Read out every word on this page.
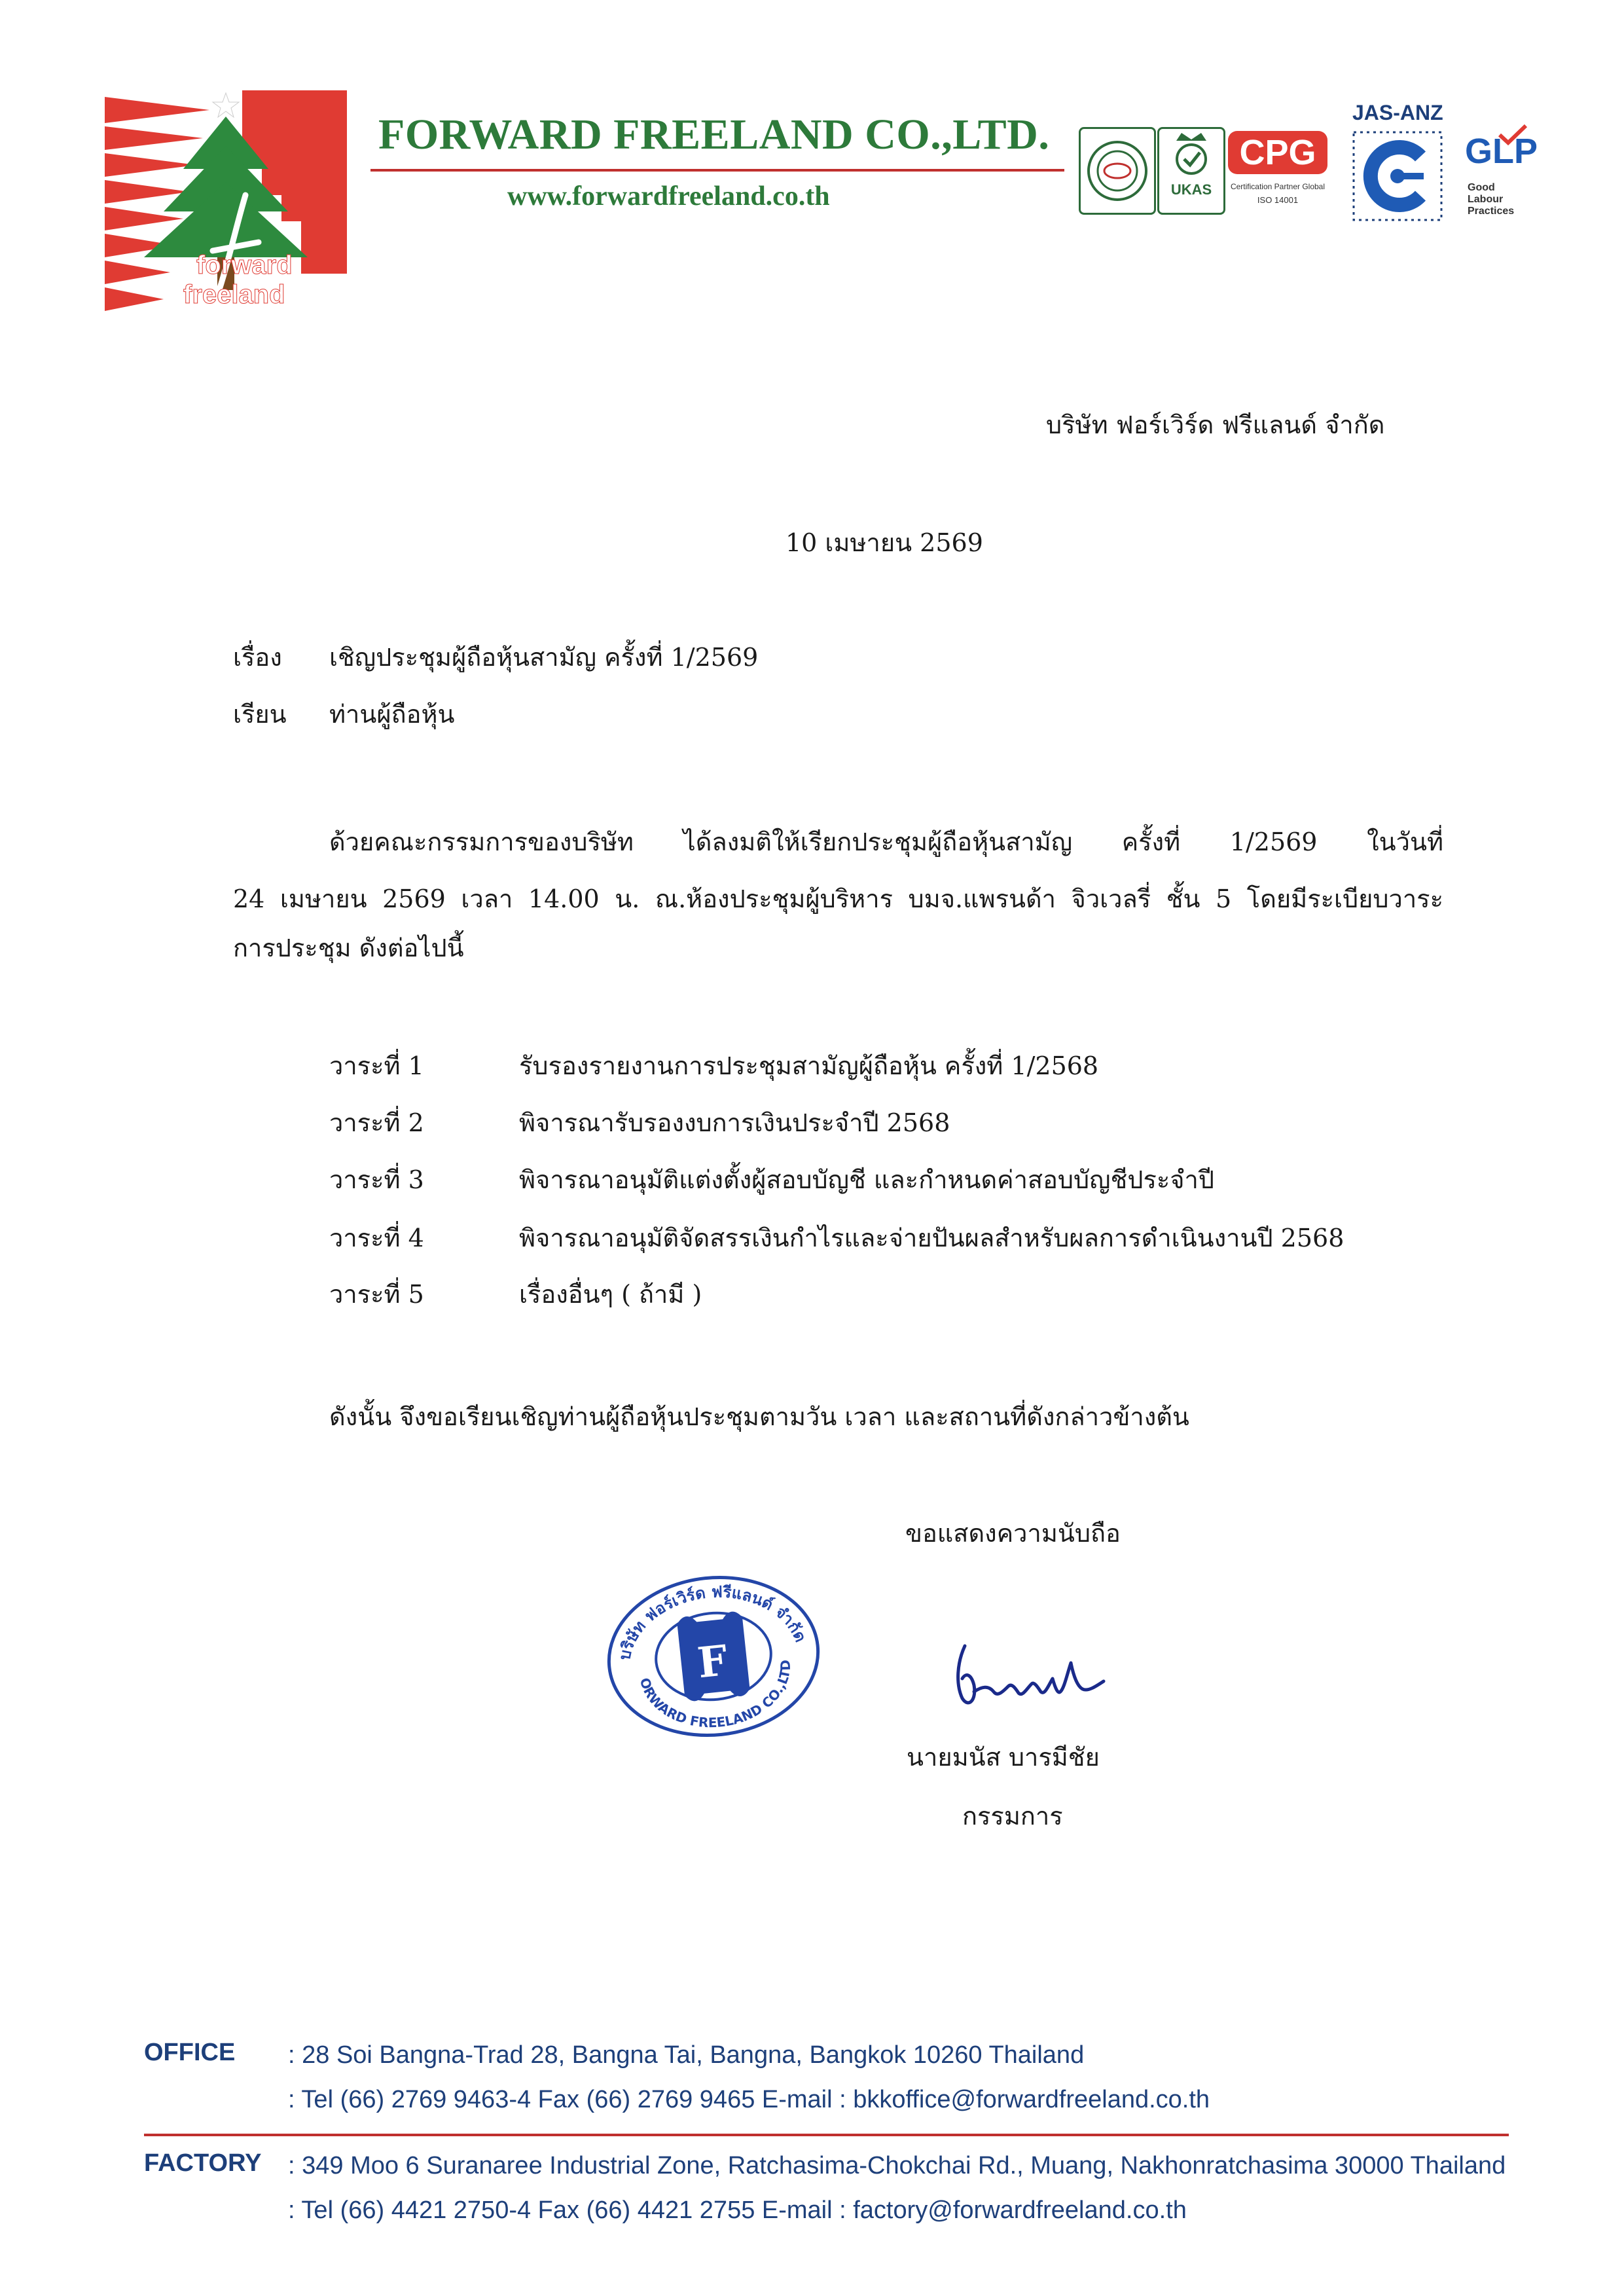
forward
freeland
FORWARD FREELAND CO.,LTD.
www.forwardfreeland.co.th	UKAS
CPG
Certification Partner Global
ISO 14001
JAS-ANZ
GLP
Good
Labour
Practices
บริษัท ฟอร์เวิร์ด ฟรีแลนด์ จำกัด
10 เมษายน 2569
เรื่อง เชิญประชุมผู้ถือหุ้นสามัญ ครั้งที่ 1/2569
เรียน ท่านผู้ถือหุ้น
ด้วยคณะกรรมการของบริษัท ได้ลงมติให้เรียกประชุมผู้ถือหุ้นสามัญ ครั้งที่ 1/2569 ในวันที่
24 เมษายน 2569 เวลา 14.00 น. ณ.ห้องประชุมผู้บริหาร บมจ.แพรนด้า จิวเวลรี่ ชั้น 5 โดยมีระเบียบวาระ
การประชุม ดังต่อไปนี้
วาระที่ 1	รับรองรายงานการประชุมสามัญผู้ถือหุ้น ครั้งที่ 1/2568
วาระที่ 2	พิจารณารับรองงบการเงินประจำปี 2568
วาระที่ 3	พิจารณาอนุมัติแต่งตั้งผู้สอบบัญชี และกำหนดค่าสอบบัญชีประจำปี
วาระที่ 4	พิจารณาอนุมัติจัดสรรเงินกำไรและจ่ายปันผลสำหรับผลการดำเนินงานปี 2568
วาระที่ 5	เรื่องอื่นๆ ( ถ้ามี )
ดังนั้น จึงขอเรียนเชิญท่านผู้ถือหุ้นประชุมตามวัน เวลา และสถานที่ดังกล่าวข้างต้น
ขอแสดงความนับถือ
F
บริษัท ฟอร์เวิร์ด ฟรีแลนด์ จำกัด
FORWARD FREELAND CO.,LTD.
นายมนัส บารมีชัย
กรรมการ
OFFICE : 28 Soi Bangna-Trad 28, Bangna Tai, Bangna, Bangkok 10260 Thailand
: Tel (66) 2769 9463-4 Fax (66) 2769 9465 E-mail : bkkoffice@forwardfreeland.co.th
FACTORY : 349 Moo 6 Suranaree Industrial Zone, Ratchasima-Chokchai Rd., Muang, Nakhonratchasima 30000 Thailand
: Tel (66) 4421 2750-4 Fax (66) 4421 2755 E-mail : factory@forwardfreeland.co.th
